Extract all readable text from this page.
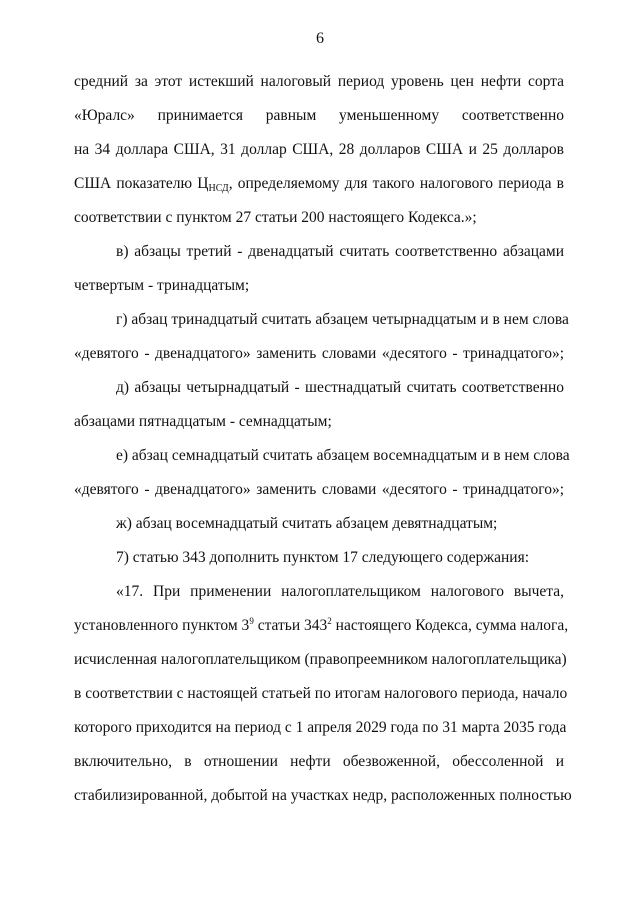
6
средний за этот истекший налоговый период уровень цен нефти сорта
«Юралс» принимается равным уменьшенному соответственно
на 34 доллара США, 31 доллар США, 28 долларов США и 25 долларов
США показателю $Ц_{НСД}$, определяемому для такого налогового периода в
соответствии с пунктом 27 статьи 200 настоящего Кодекса.»;
в) абзацы третий - двенадцатый считать соответственно абзацами
четвертым - тринадцатым;
г) абзац тринадцатый считать абзацем четырнадцатым и в нем слова
«девятого - двенадцатого» заменить словами «десятого - тринадцатого»;
д) абзацы четырнадцатый - шестнадцатый считать соответственно
абзацами пятнадцатым - семнадцатым;
е) абзац семнадцатый считать абзацем восемнадцатым и в нем слова
«девятого - двенадцатого» заменить словами «десятого - тринадцатого»;
ж) абзац восемнадцатый считать абзацем девятнадцатым;
7) статью 343 дополнить пунктом 17 следующего содержания:
«17. При применении налогоплательщиком налогового вычета,
установленного пунктом $3^9$ статьи $343^2$ настоящего Кодекса, сумма налога,
исчисленная налогоплательщиком (правопреемником налогоплательщика)
в соответствии с настоящей статьей по итогам налогового периода, начало
которого приходится на период с 1 апреля 2029 года по 31 марта 2035 года
включительно, в отношении нефти обезвоженной, обессоленной и
стабилизированной, добытой на участках недр, расположенных полностью
